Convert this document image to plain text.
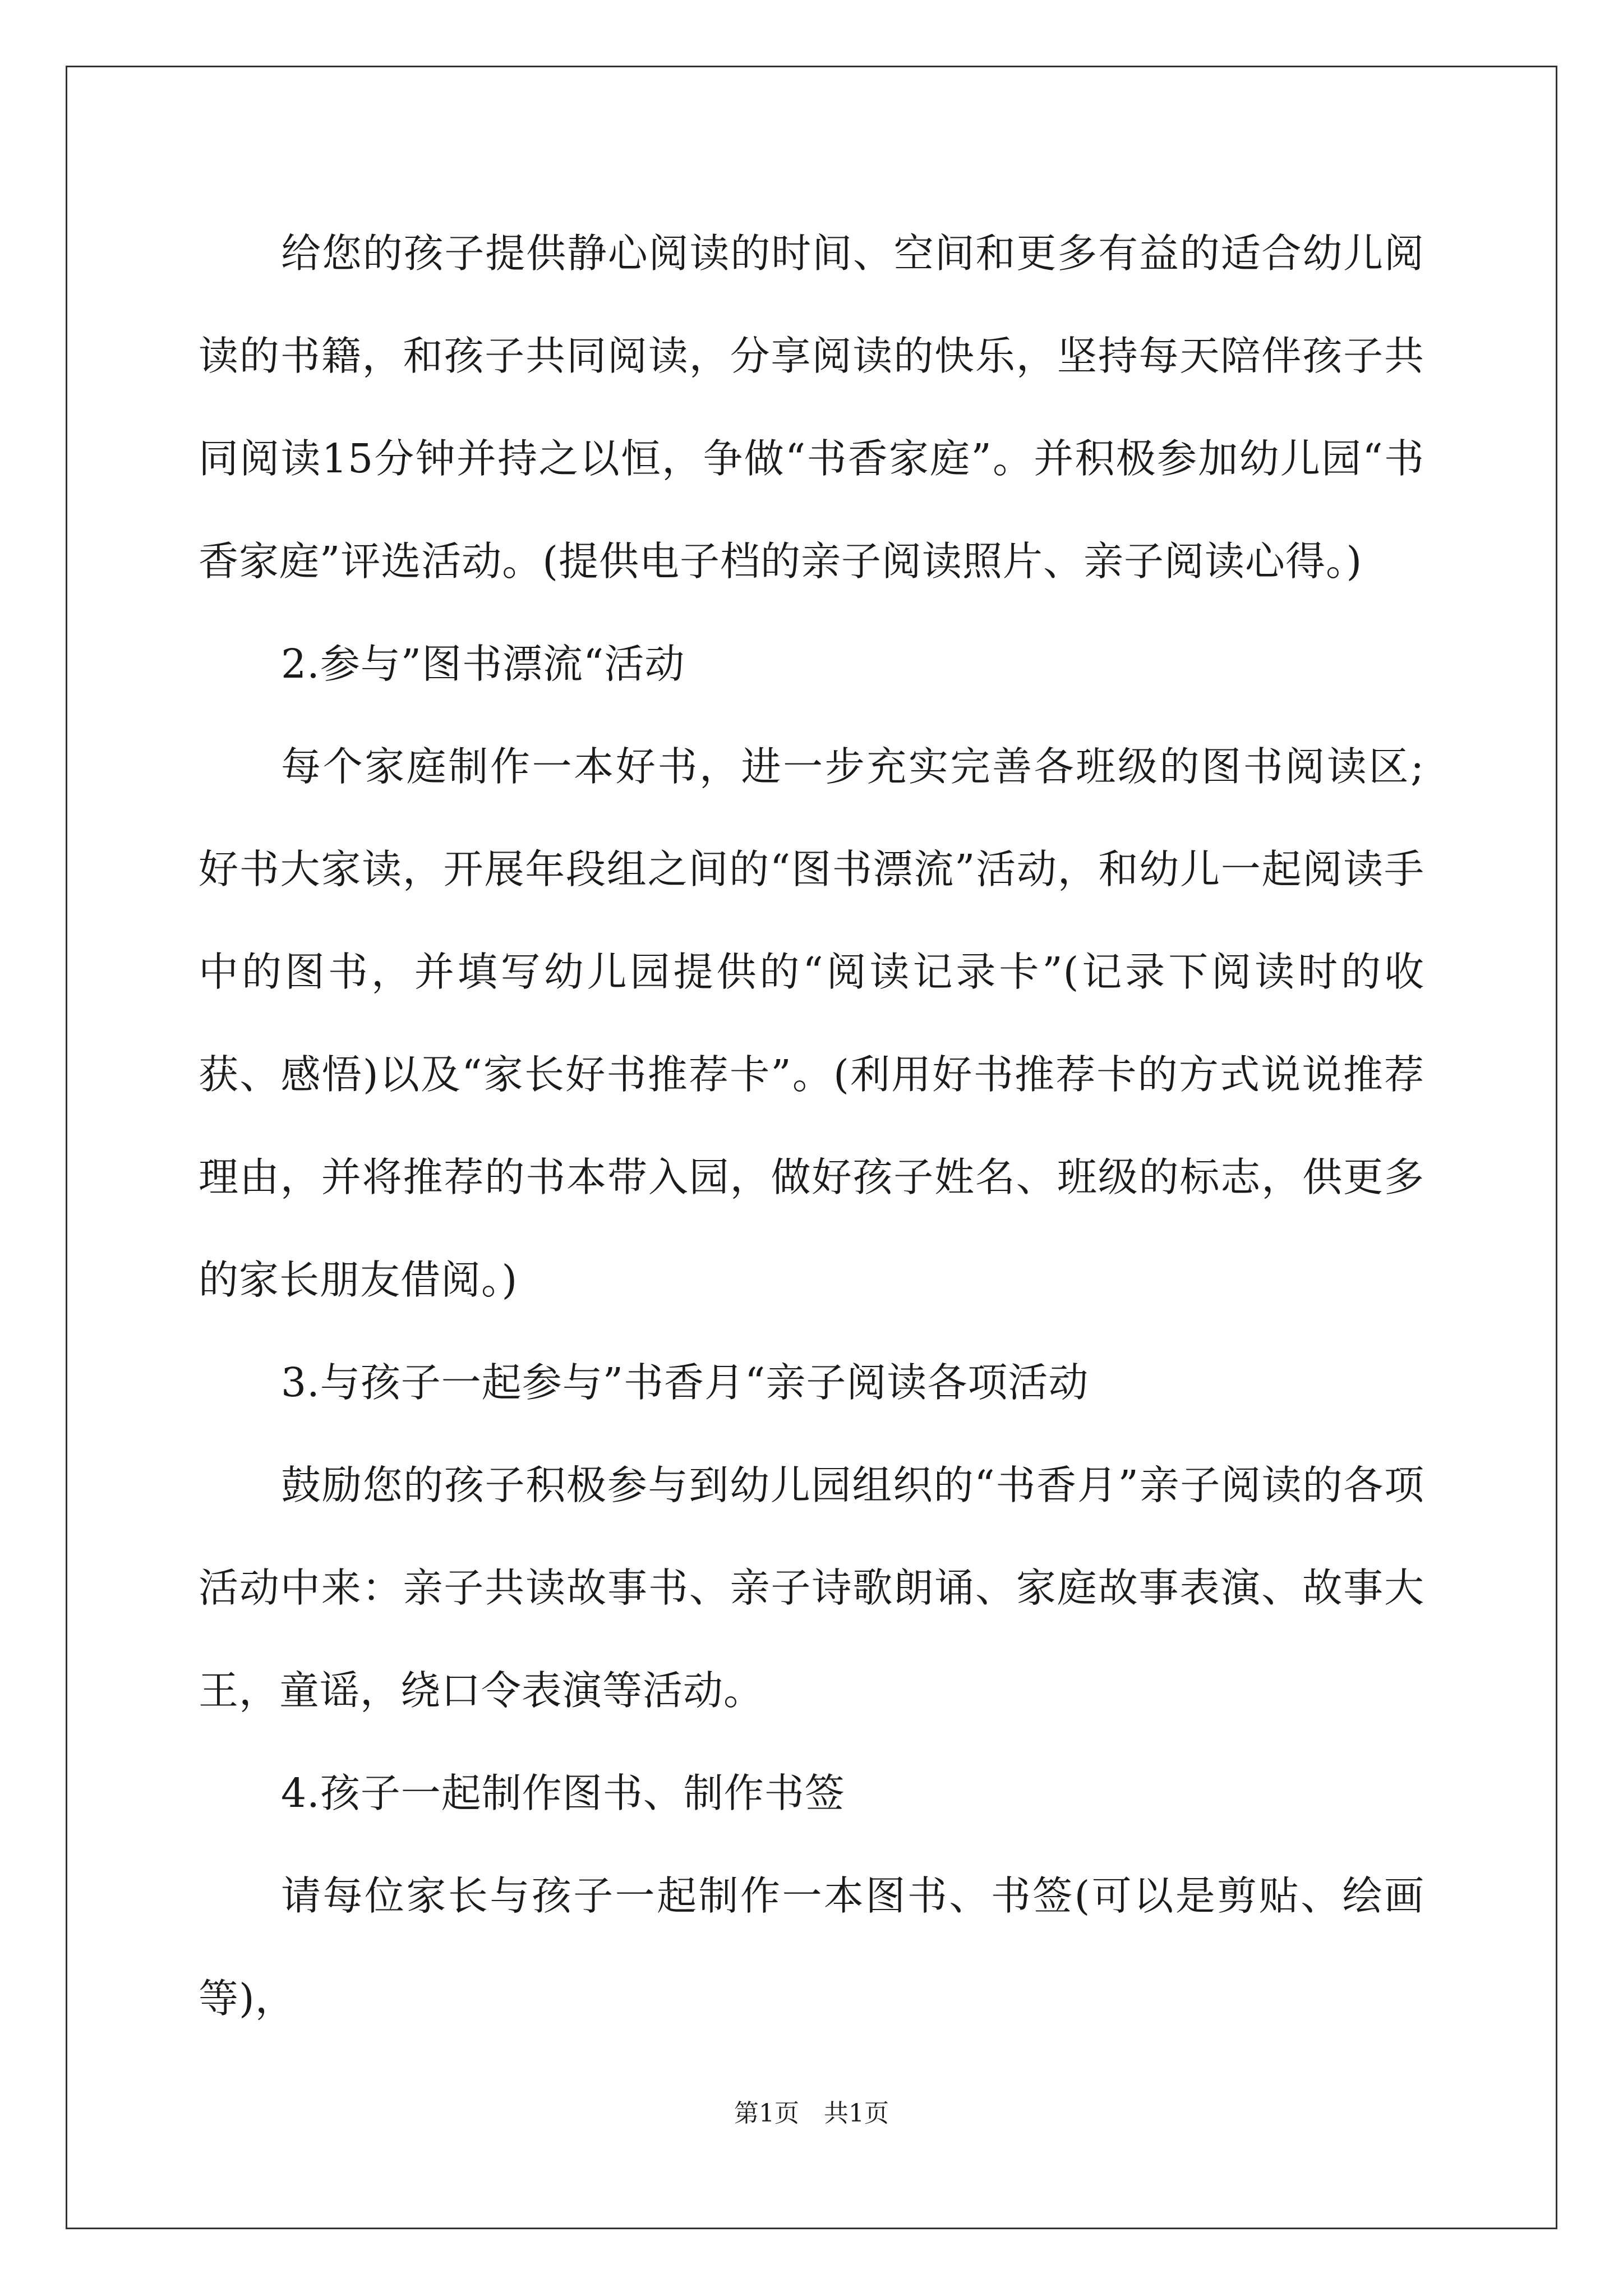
给您的孩子提供静心阅读的时间、空间和更多有益的适合幼儿阅读的书籍，和孩子共同阅读，分享阅读的快乐，坚持每天陪伴孩子共同阅读15分钟并持之以恒，争做“书香家庭”。并积极参加幼儿园“书香家庭”评选活动。(提供电子档的亲子阅读照片、亲子阅读心得。)

2.参与”图书漂流“活动

每个家庭制作一本好书，进一步充实完善各班级的图书阅读区;好书大家读，开展年段组之间的“图书漂流”活动，和幼儿一起阅读手中的图书，并填写幼儿园提供的“阅读记录卡”(记录下阅读时的收获、感悟)以及“家长好书推荐卡”。(利用好书推荐卡的方式说说推荐理由，并将推荐的书本带入园，做好孩子姓名、班级的标志，供更多的家长朋友借阅。)

3.与孩子一起参与”书香月“亲子阅读各项活动

鼓励您的孩子积极参与到幼儿园组织的“书香月”亲子阅读的各项活动中来：亲子共读故事书、亲子诗歌朗诵、家庭故事表演、故事大王，童谣，绕口令表演等活动。

4.孩子一起制作图书、制作书签

请每位家长与孩子一起制作一本图书、书签(可以是剪贴、绘画等)，

第1页　共1页
